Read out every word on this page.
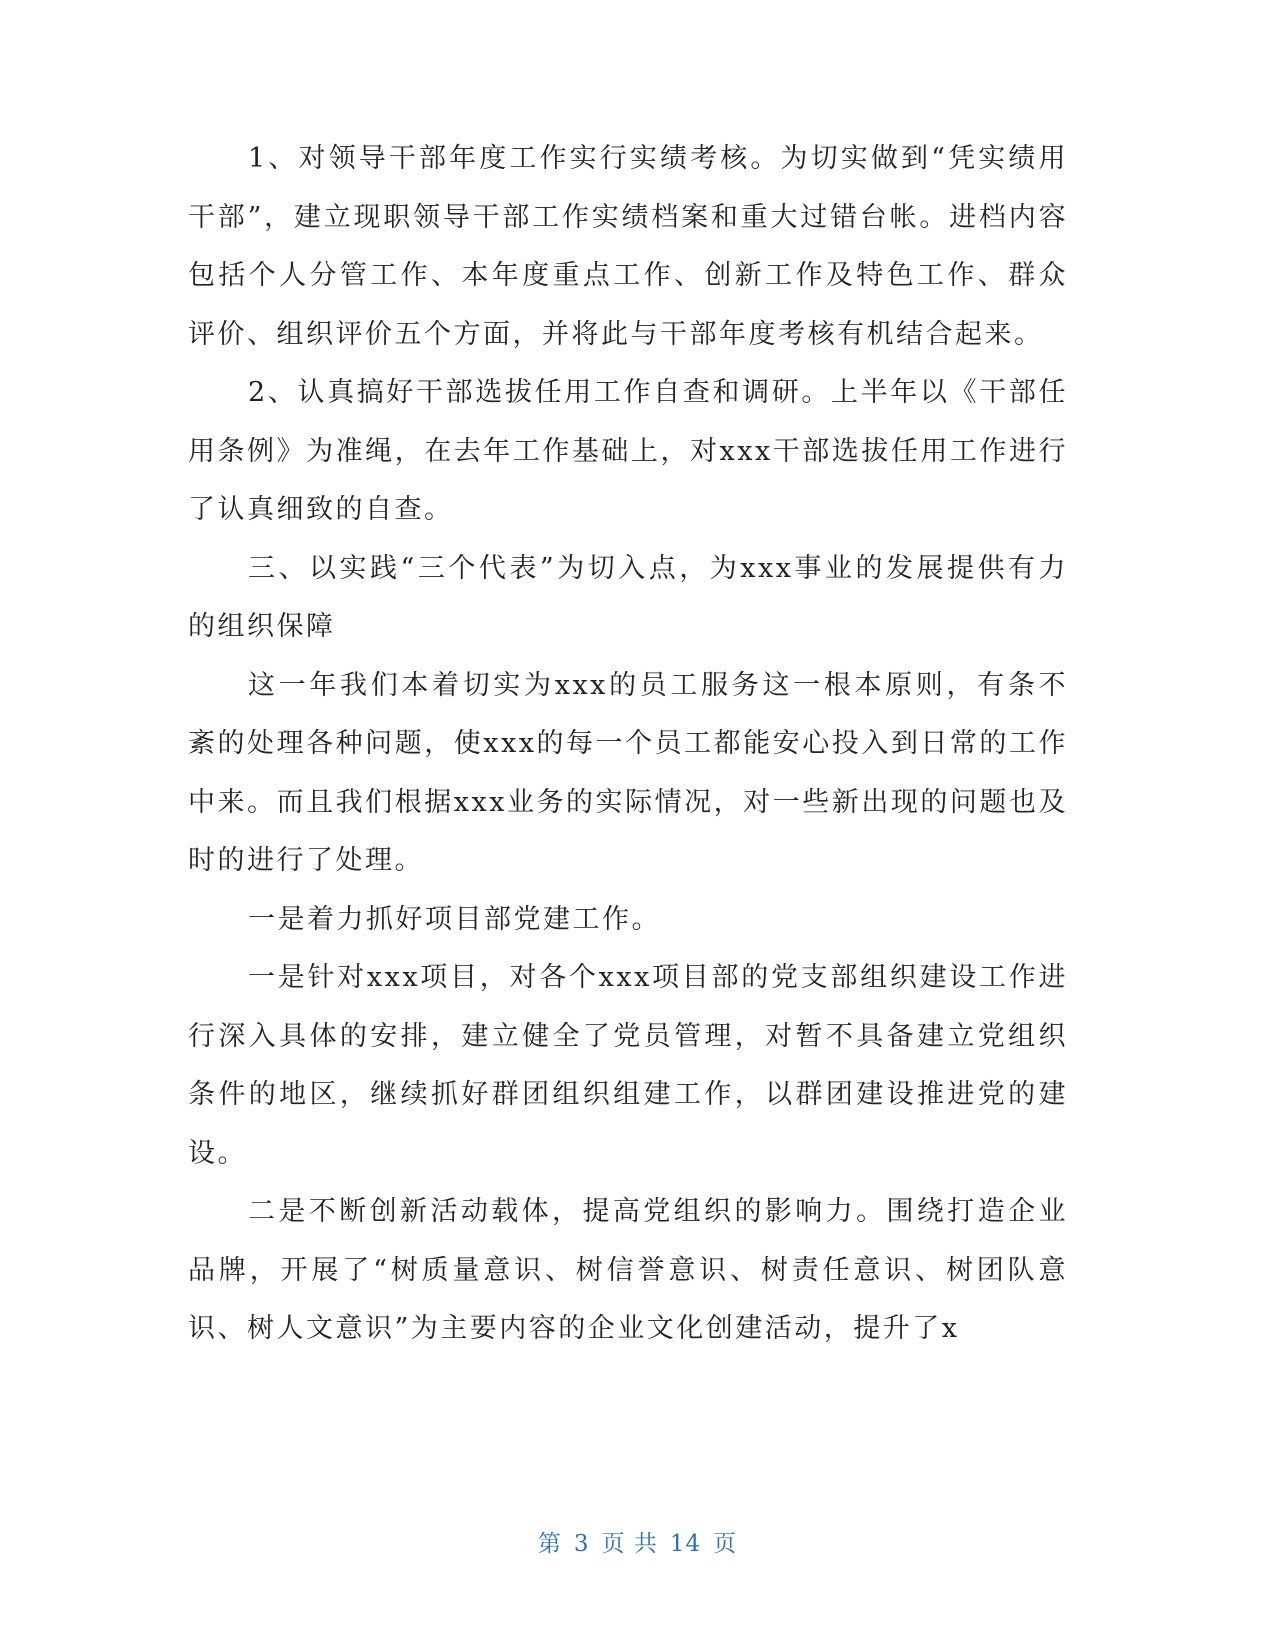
1、对领导干部年度工作实行实绩考核。为切实做到“凭实绩用干部”，建立现职领导干部工作实绩档案和重大过错台帐。进档内容包括个人分管工作、本年度重点工作、创新工作及特色工作、群众评价、组织评价五个方面，并将此与干部年度考核有机结合起来。

2、认真搞好干部选拔任用工作自查和调研。上半年以《干部任用条例》为准绳，在去年工作基础上，对xxx干部选拔任用工作进行了认真细致的自查。

三、以实践“三个代表”为切入点，为xxx事业的发展提供有力的组织保障

这一年我们本着切实为xxx的员工服务这一根本原则，有条不紊的处理各种问题，使xxx的每一个员工都能安心投入到日常的工作中来。而且我们根据xxx业务的实际情况，对一些新出现的问题也及时的进行了处理。

一是着力抓好项目部党建工作。

一是针对xxx项目，对各个xxx项目部的党支部组织建设工作进行深入具体的安排，建立健全了党员管理，对暂不具备建立党组织条件的地区，继续抓好群团组织组建工作，以群团建设推进党的建设。

二是不断创新活动载体，提高党组织的影响力。围绕打造企业品牌，开展了“树质量意识、树信誉意识、树责任意识、树团队意识、树人文意识”为主要内容的企业文化创建活动，提升了x

第 3 页 共 14 页
